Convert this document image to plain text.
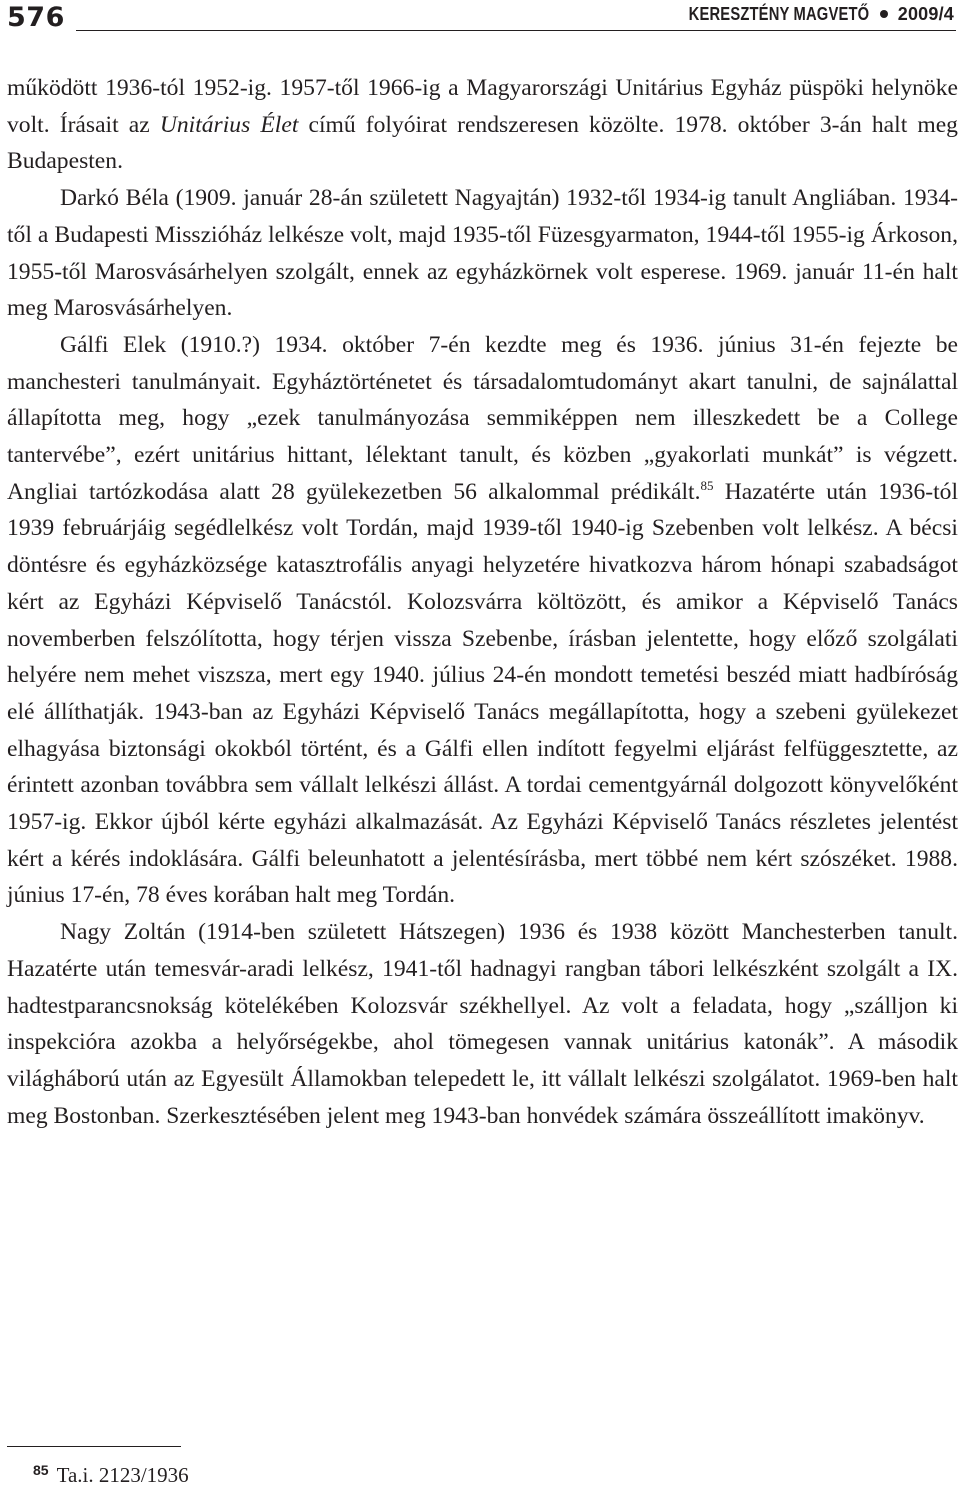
576	KERESZTÉNY MAGVETŐ 2009/4

működött 1936-tól 1952-ig. 1957-től 1966-ig a Magyarországi Unitárius Egyház püspöki helynöke volt. Írásait az Unitárius Élet című folyóirat rendszeresen közölte. 1978. október 3-án halt meg Budapesten.

Darkó Béla (1909. január 28-án született Nagyajtán) 1932-től 1934-ig tanult Angliában. 1934-től a Budapesti Misszióház lelkésze volt, majd 1935-től Füzesgyarmaton, 1944-től 1955-ig Árkoson, 1955-től Marosvásárhelyen szolgált, ennek az egyházkörnek volt esperese. 1969. január 11-én halt meg Marosvásárhelyen.

Gálfi Elek (1910.?) 1934. október 7-én kezdte meg és 1936. június 31-én fejezte be manchesteri tanulmányait. Egyháztörténetet és társadalomtudományt akart tanulni, de sajnálattal állapította meg, hogy „ezek tanulmányozása semmiképpen nem illeszkedett be a College tantervébe”, ezért unitárius hittant, lélektant tanult, és közben „gyakorlati munkát” is végzett. Angliai tartózkodása alatt 28 gyülekezetben 56 alkalommal prédikált.$^{85}$ Hazatérte után 1936-tól 1939 februárjáig segédlelkész volt Tordán, majd 1939-től 1940-ig Szebenben volt lelkész. A bécsi döntésre és egyházközsége katasztrofális anyagi helyzetére hivatkozva három hónapi szabadságot kért az Egyházi Képviselő Tanácstól. Kolozsvárra költözött, és amikor a Képviselő Tanács novemberben felszólította, hogy térjen vissza Szebenbe, írásban jelentette, hogy előző szolgálati helyére nem mehet viszsza, mert egy 1940. július 24-én mondott temetési beszéd miatt hadbíróság elé állíthatják. 1943-ban az Egyházi Képviselő Tanács megállapította, hogy a szebeni gyülekezet elhagyása biztonsági okokból történt, és a Gálfi ellen indított fegyelmi eljárást felfüggesztette, az érintett azonban továbbra sem vállalt lelkészi állást. A tordai cementgyárnál dolgozott könyvelőként 1957-ig. Ekkor újból kérte egyházi alkalmazását. Az Egyházi Képviselő Tanács részletes jelentést kért a kérés indoklására. Gálfi beleunhatott a jelentésírásba, mert többé nem kért szószéket. 1988. június 17-én, 78 éves korában halt meg Tordán.

Nagy Zoltán (1914-ben született Hátszegen) 1936 és 1938 között Manchesterben tanult. Hazatérte után temesvár-aradi lelkész, 1941-től hadnagyi rangban tábori lelkészként szolgált a IX. hadtestparancsnokság kötelékében Kolozsvár székhellyel. Az volt a feladata, hogy „szálljon ki inspekcióra azokba a helyőrségekbe, ahol tömegesen vannak unitárius katonák”. A második világháború után az Egyesült Államokban telepedett le, itt vállalt lelkészi szolgálatot. 1969-ben halt meg Bostonban. Szerkesztésében jelent meg 1943-ban honvédek számára összeállított imakönyv.

$^{85}$ Ta.i. 2123/1936
